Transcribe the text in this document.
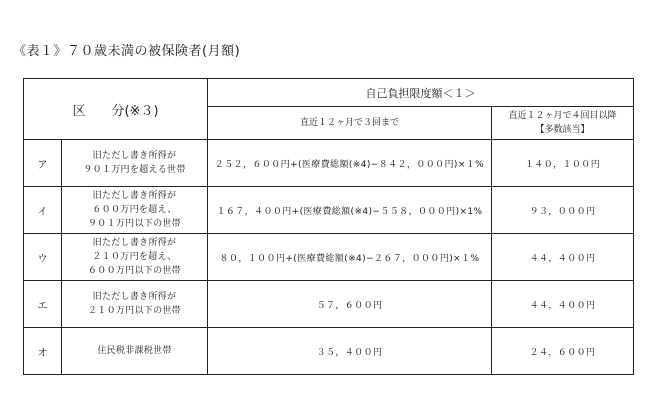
《表１》７０歳未満の被保険者(月額)
区分(※３)		自己負担限度額＜１＞	
		直近１２ヶ月で３回まで	直近１２ヶ月で４回目以降
【多数該当】

ア	旧ただし書き所得が
９０１万円を超える世帯	２５２，６００円+(医療費総額(※4)−８４２，０００円)×１%	１４０，１００円
イ	旧ただし書き所得が
６００万円を超え、
９０１万円以下の世帯	１６７，４００円+(医療費総額(※4)−５５８，０００円)×1%	９３，０００円
ウ	旧ただし書き所得が
２１０万円を超え、
６００万円以下の世帯	８０，１００円+(医療費総額(※4)−２６７，０００円)×１%	４４，４００円
エ	旧ただし書き所得が
２１０万円以下の世帯	５７，６００円	４４，４００円
オ	住民税非課税世帯	３５，４００円	２４，６００円
